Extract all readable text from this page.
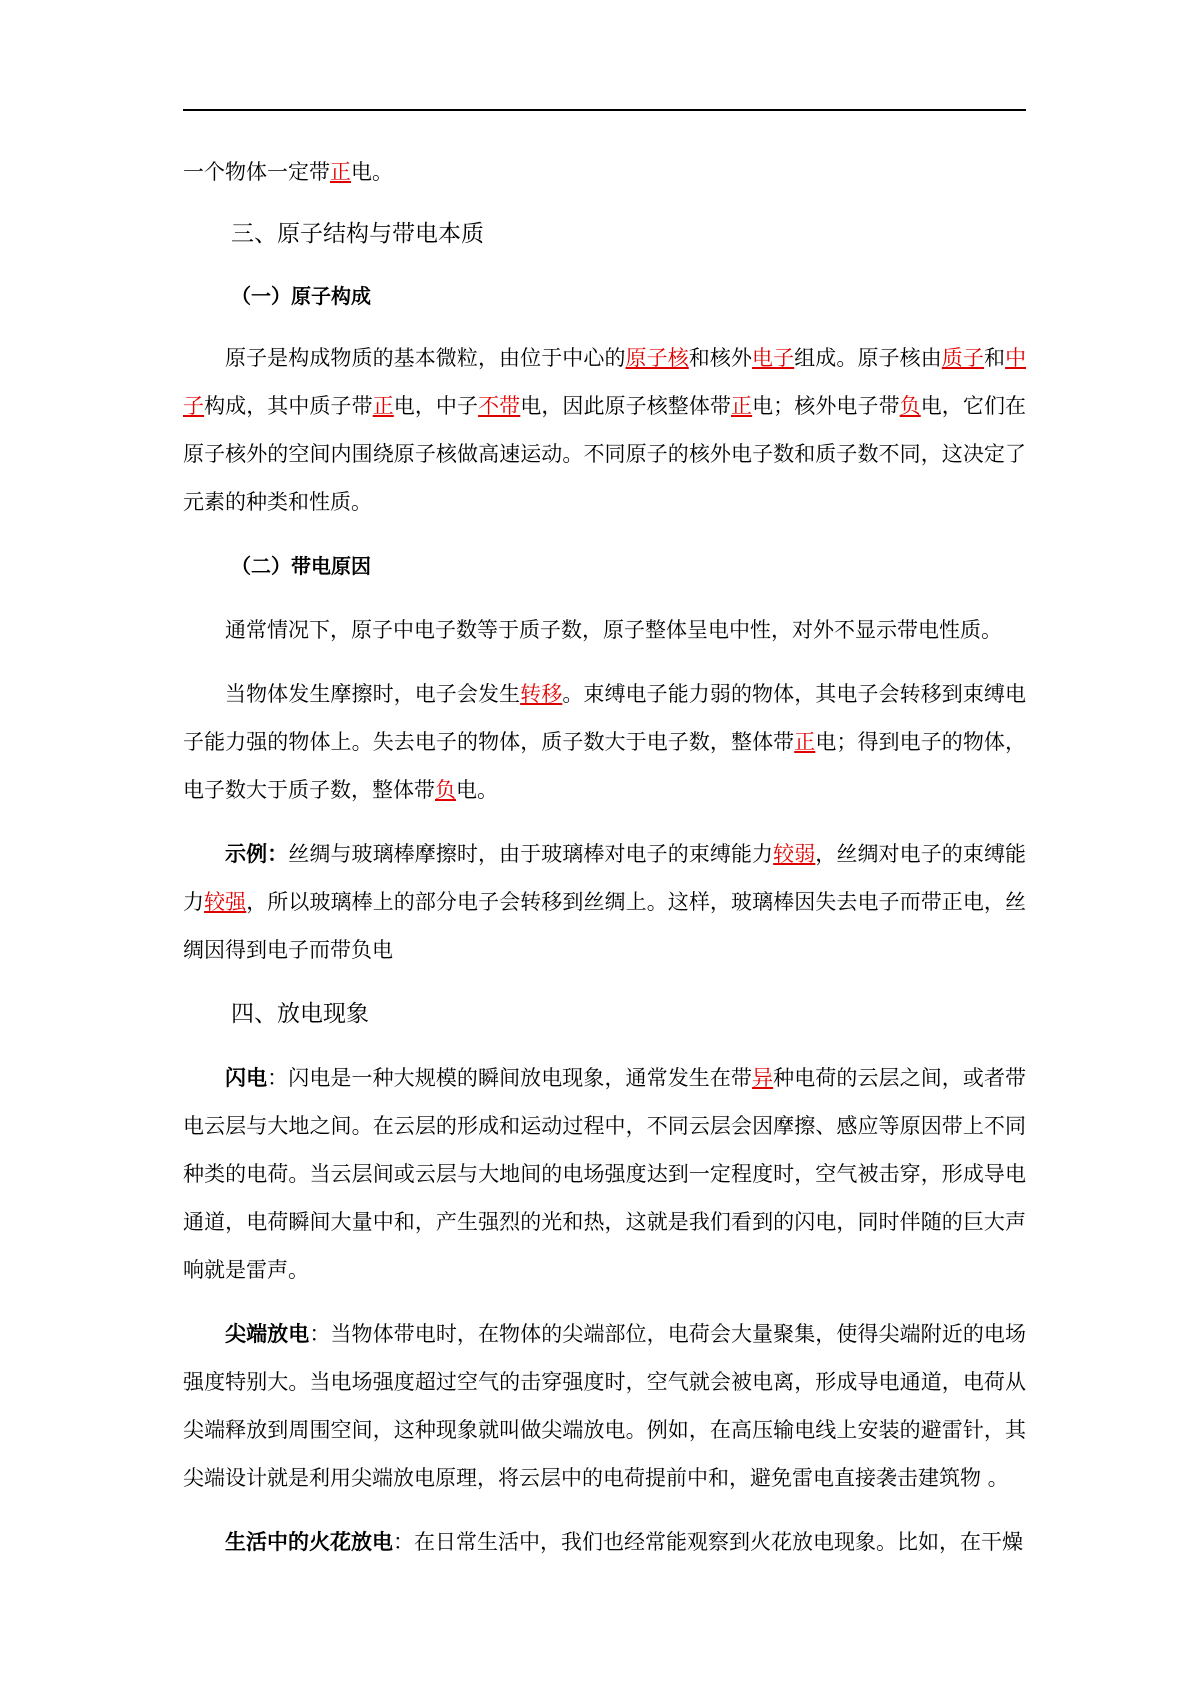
一个物体一定带正电。

三、原子结构与带电本质

（一）原子构成

原子是构成物质的基本微粒，由位于中心的原子核和核外电子组成。原子核由质子和中子构成，其中质子带正电，中子不带电，因此原子核整体带正电；核外电子带负电，它们在原子核外的空间内围绕原子核做高速运动。不同原子的核外电子数和质子数不同，这决定了元素的种类和性质。

（二）带电原因

通常情况下，原子中电子数等于质子数，原子整体呈电中性，对外不显示带电性质。

当物体发生摩擦时，电子会发生转移。束缚电子能力弱的物体，其电子会转移到束缚电子能力强的物体上。失去电子的物体，质子数大于电子数，整体带正电；得到电子的物体，电子数大于质子数，整体带负电。

示例：丝绸与玻璃棒摩擦时，由于玻璃棒对电子的束缚能力较弱，丝绸对电子的束缚能力较强，所以玻璃棒上的部分电子会转移到丝绸上。这样，玻璃棒因失去电子而带正电，丝绸因得到电子而带负电

四、放电现象

闪电：闪电是一种大规模的瞬间放电现象，通常发生在带异种电荷的云层之间，或者带电云层与大地之间。在云层的形成和运动过程中，不同云层会因摩擦、感应等原因带上不同种类的电荷。当云层间或云层与大地间的电场强度达到一定程度时，空气被击穿，形成导电通道，电荷瞬间大量中和，产生强烈的光和热，这就是我们看到的闪电，同时伴随的巨大声响就是雷声。

尖端放电：当物体带电时，在物体的尖端部位，电荷会大量聚集，使得尖端附近的电场强度特别大。当电场强度超过空气的击穿强度时，空气就会被电离，形成导电通道，电荷从尖端释放到周围空间，这种现象就叫做尖端放电。例如，在高压输电线上安装的避雷针，其尖端设计就是利用尖端放电原理，将云层中的电荷提前中和，避免雷电直接袭击建筑物 。

生活中的火花放电：在日常生活中，我们也经常能观察到火花放电现象。比如，在干燥
